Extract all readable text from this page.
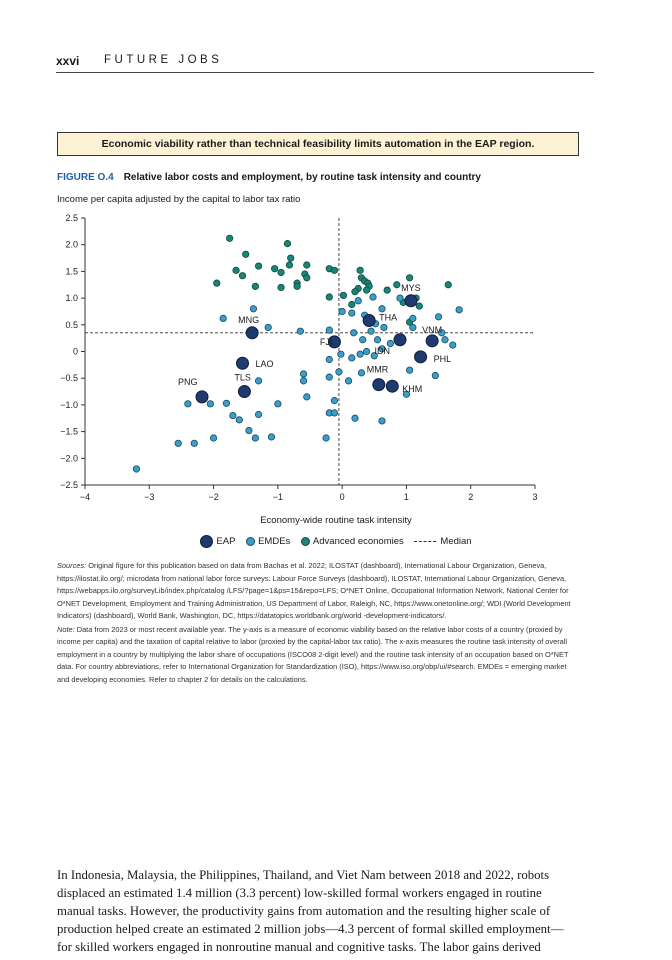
xxvi FUTURE JOBS
Economic viability rather than technical feasibility limits automation in the EAP region.
FIGURE O.4 Relative labor costs and employment, by routine task intensity and country
Income per capita adjusted by the capital to labor tax ratio
−2.5
−2.0
−1.5
−1.0
−0.5
0
0.5
1.0
1.5
2.0
2.5
−4	−3	−2	−1	0	1	2	3
MYS
THA
VNM
FJI
IDN
PHL
MNG
LAO
MMR
KHM
TLS
PNG
Economy-wide routine task intensity
EAP EMDEs Advanced economies	Median

Sources: Original figure for this publication based on data from Bachas et al. 2022; ILOSTAT (dashboard), International Labour Organization, Geneva, https://ilostat.ilo.org/; microdata from national labor force surveys: Labour Force Surveys (dashboard), ILOSTAT, International Labour Organization, Geneva, https://webapps.ilo.org/surveyLib/index.php/catalog /LFS/?page=1&ps=15&repo=LFS; O*NET Online, Occupational Information Network, National Center for O*NET Development, Employment and Training Administration, US Department of Labor, Raleigh, NC, https://www.onetonline.org/; WDI (World Development Indicators) (dashboard), World Bank, Washington, DC, https://datatopics.worldbank.org/world -development-indicators/.

Note: Data from 2023 or most recent available year. The y-axis is a measure of economic viability based on the relative labor costs of a country (proxied by income per capita) and the taxation of capital relative to labor (proxied by the capital-labor tax ratio). The x-axis measures the routine task intensity of overall employment in a country by multiplying the labor share of occupations (ISCO08 2-digit level) and the routine task intensity of an occupation based on O*NET data. For country abbreviations, refer to International Organization for Standardization (ISO), https://www.iso.org/obp/ui/#search. EMDEs = emerging market and developing economies. Refer to chapter 2 for details on the calculations.

In Indonesia, Malaysia, the Philippines, Thailand, and Viet Nam between 2018 and 2022, robots displaced an estimated 1.4 million (3.3 percent) low-skilled formal workers engaged in routine manual tasks. However, the productivity gains from automation and the resulting higher scale of production helped create an estimated 2 million jobs—4.3 percent of formal skilled employment—for skilled workers engaged in nonroutine manual and cognitive tasks. The labor gains derived
